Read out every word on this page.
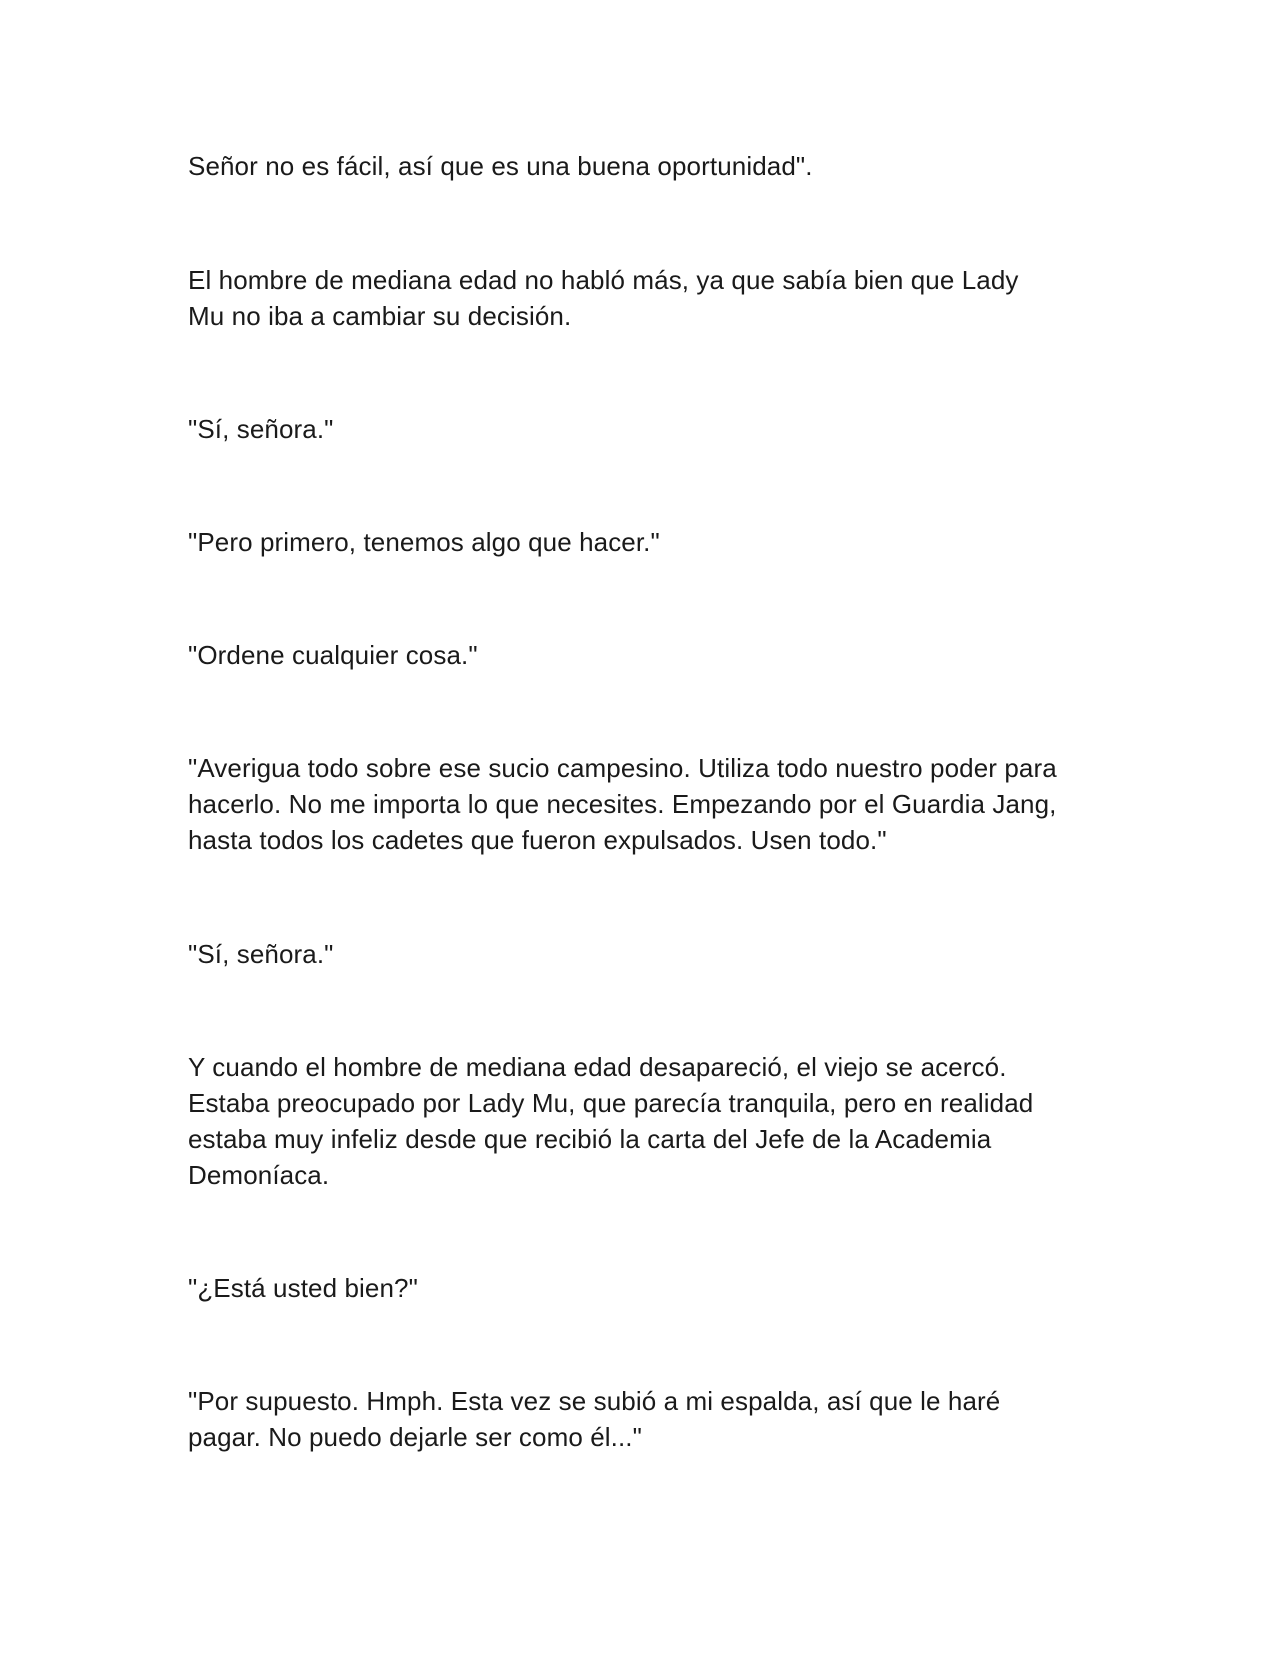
Señor no es fácil, así que es una buena oportunidad".

El hombre de mediana edad no habló más, ya que sabía bien que Lady
Mu no iba a cambiar su decisión.

"Sí, señora."

"Pero primero, tenemos algo que hacer."

"Ordene cualquier cosa."

"Averigua todo sobre ese sucio campesino. Utiliza todo nuestro poder para
hacerlo. No me importa lo que necesites. Empezando por el Guardia Jang,
hasta todos los cadetes que fueron expulsados. Usen todo."

"Sí, señora."

Y cuando el hombre de mediana edad desapareció, el viejo se acercó.
Estaba preocupado por Lady Mu, que parecía tranquila, pero en realidad
estaba muy infeliz desde que recibió la carta del Jefe de la Academia
Demoníaca.

"¿Está usted bien?"

"Por supuesto. Hmph. Esta vez se subió a mi espalda, así que le haré
pagar. No puedo dejarle ser como él..."
